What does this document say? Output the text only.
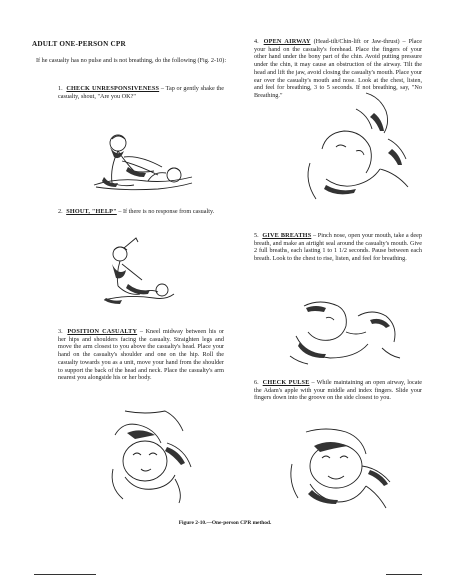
ADULT ONE-PERSON CPR
If he casualty has no pulse and is not breathing, do the following (Fig. 2-10):
1. CHECK UNRESPONSIVENESS – Tap or gently shake the casualty, shout, "Are you OK?"
2. SHOUT, "HELP" – If there is no response from casualty.
3. POSITION CASUALTY – Kneel midway between his or her hips and shoulders facing the casualty. Straighten legs and move the arm closest to you above the casualty's head. Place your hand on the casualty's shoulder and one on the hip. Roll the casualty towards you as a unit, move your hand from the shoulder to support the back of the head and neck. Place the casualty's arm nearest you alongside his or her body.
4. OPEN AIRWAY (Head-tilt/Chin-lift or Jaw-thrust) – Place your hand on the casualty's forehead. Place the fingers of your other hand under the bony part of the chin. Avoid putting pressure under the chin, it may cause an obstruction of the airway. Tilt the head and lift the jaw, avoid closing the casualty's mouth. Place your ear over the casualty's mouth and nose. Look at the chest, listen, and feel for breathing, 3 to 5 seconds. If not breathing, say, "No Breathing."
5. GIVE BREATHS – Pinch nose, open your mouth, take a deep breath, and make an airtight seal around the casualty's mouth. Give 2 full breaths, each lasting 1 to 1 1/2 seconds. Pause between each breath. Look to the chest to rise, listen, and feel for breathing.
6. CHECK PULSE – While maintaining an open airway, locate the Adam's apple with your middle and index fingers. Slide your fingers down into the groove on the side closest to you.
Figure 2-10.—One-person CPR method.
